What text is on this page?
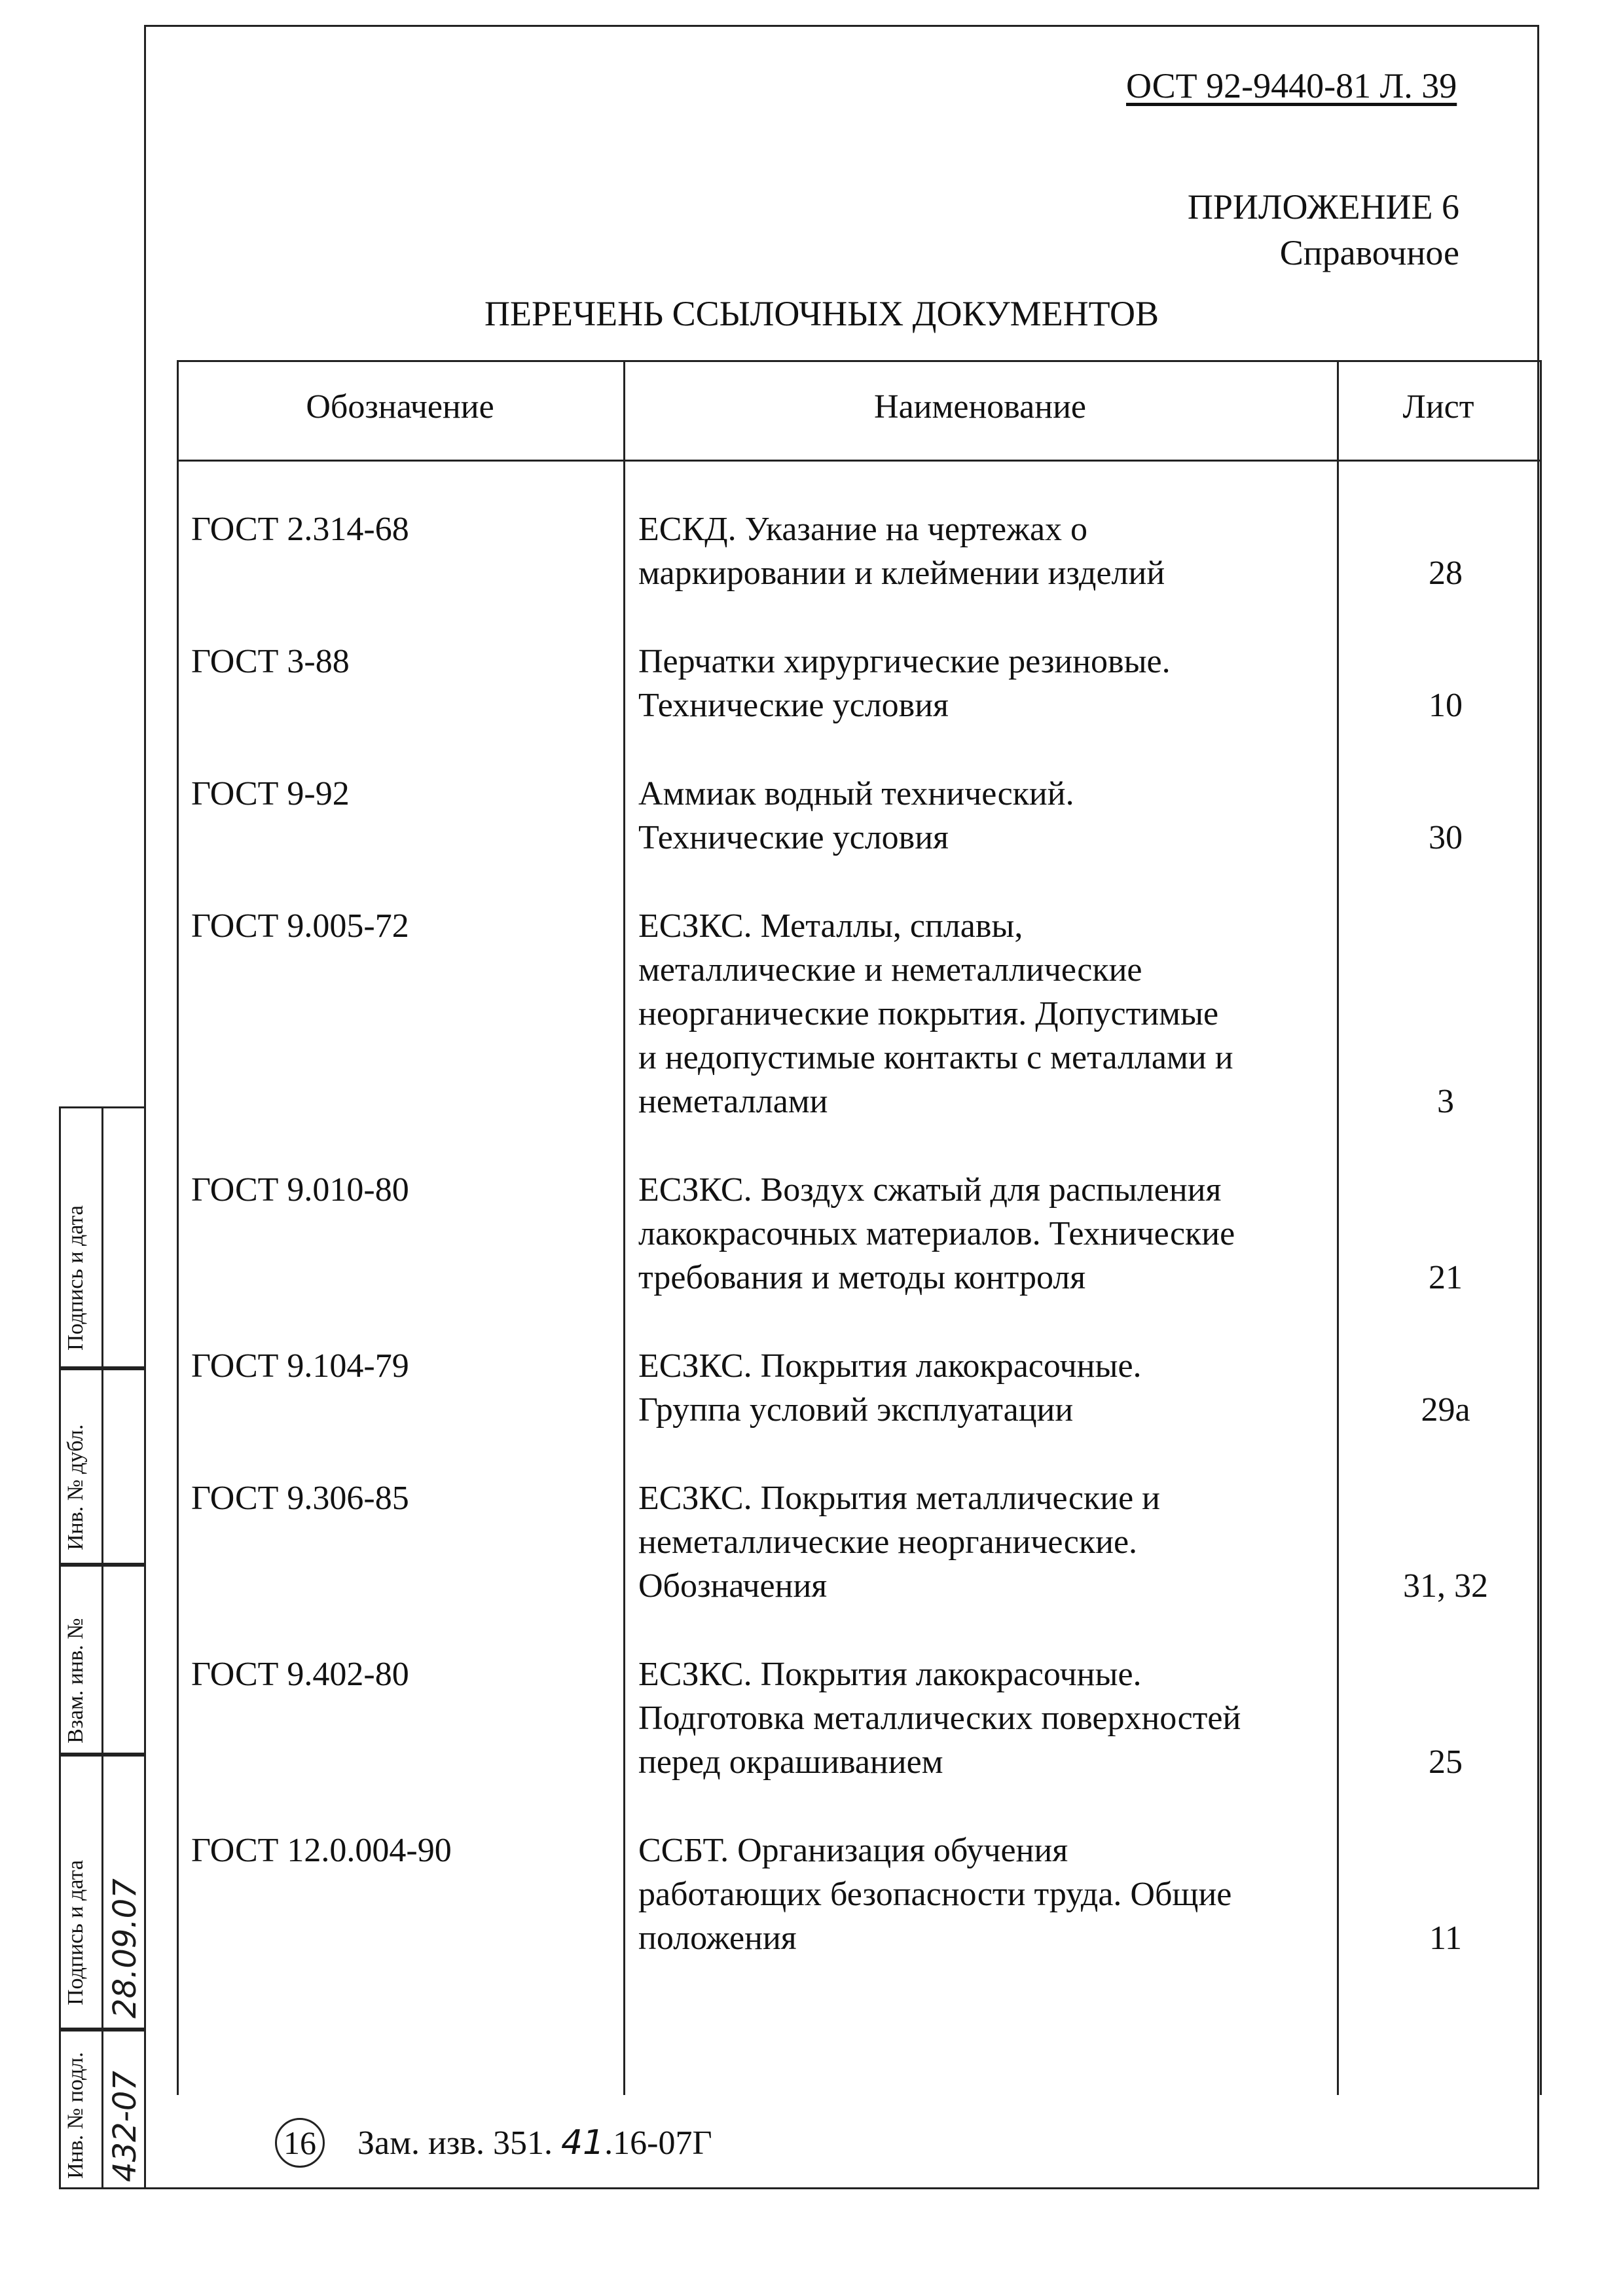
ОСТ 92-9440-81 Л. 39
ПРИЛОЖЕНИЕ 6
Справочное
ПЕРЕЧЕНЬ ССЫЛОЧНЫХ ДОКУМЕНТОВ
Обозначение	Наименование	Лист
ГОСТ 2.314-68	ЕСКД. Указание на чертежах о
маркировании и клеймении изделий	28
ГОСТ 3-88	Перчатки хирургические резиновые.
Технические условия	10
ГОСТ 9-92	Аммиак водный технический.
Технические условия	30
ГОСТ 9.005-72	ЕСЗКС. Металлы, сплавы,
металлические и неметаллические
неорганические покрытия. Допустимые
и недопустимые контакты с металлами и
неметаллами	3
ГОСТ 9.010-80	ЕСЗКС. Воздух сжатый для распыления
лакокрасочных материалов. Технические
требования и методы контроля	21
ГОСТ 9.104-79	ЕСЗКС. Покрытия лакокрасочные.
Группа условий эксплуатации	29а
ГОСТ 9.306-85	ЕСЗКС. Покрытия металлические и
неметаллические неорганические.
Обозначения	31, 32
ГОСТ 9.402-80	ЕСЗКС. Покрытия лакокрасочные.
Подготовка металлических поверхностей
перед окрашиванием	25
ГОСТ 12.0.004-90	ССБТ. Организация обучения
работающих безопасности труда. Общие
положения	11
Подпись и дата
Инв. № дубл.
Взам. инв. №
Подпись и дата 28.09.07
Инв. № подл. 432-07	16 Зам. изв. 351. 41.16-07Г
